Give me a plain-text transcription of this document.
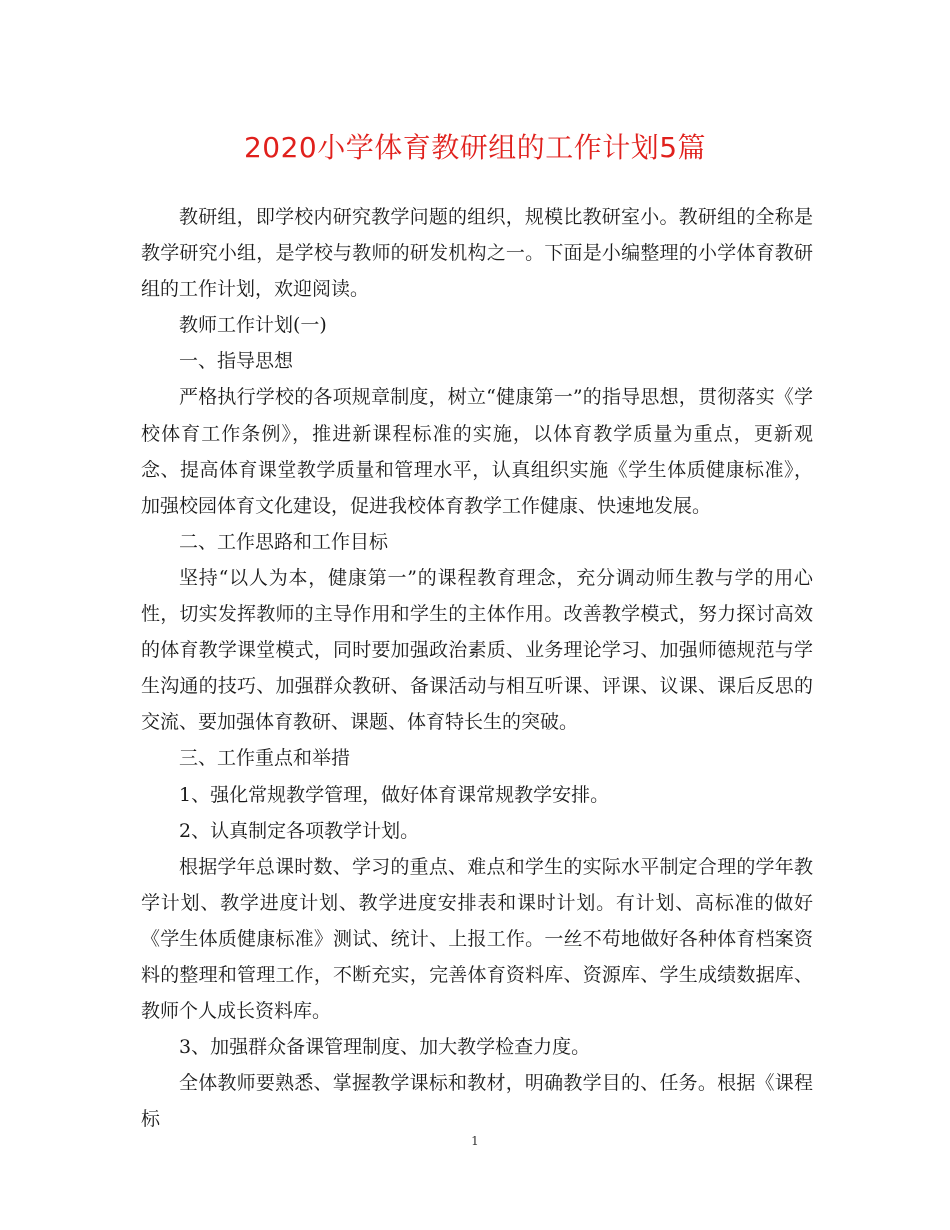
2020小学体育教研组的工作计划5篇

教研组，即学校内研究教学问题的组织，规模比教研室小。教研组的全称是教学研究小组，是学校与教师的研发机构之一。下面是小编整理的小学体育教研组的工作计划，欢迎阅读。

教师工作计划(一)

一、指导思想

严格执行学校的各项规章制度，树立“健康第一”的指导思想，贯彻落实《学校体育工作条例》，推进新课程标准的实施，以体育教学质量为重点，更新观念、提高体育课堂教学质量和管理水平，认真组织实施《学生体质健康标准》，加强校园体育文化建设，促进我校体育教学工作健康、快速地发展。

二、工作思路和工作目标

坚持“以人为本，健康第一”的课程教育理念，充分调动师生教与学的用心性，切实发挥教师的主导作用和学生的主体作用。改善教学模式，努力探讨高效的体育教学课堂模式，同时要加强政治素质、业务理论学习、加强师德规范与学生沟通的技巧、加强群众教研、备课活动与相互听课、评课、议课、课后反思的交流、要加强体育教研、课题、体育特长生的突破。

三、工作重点和举措

1、强化常规教学管理，做好体育课常规教学安排。

2、认真制定各项教学计划。

根据学年总课时数、学习的重点、难点和学生的实际水平制定合理的学年教学计划、教学进度计划、教学进度安排表和课时计划。有计划、高标准的做好《学生体质健康标准》测试、统计、上报工作。一丝不苟地做好各种体育档案资料的整理和管理工作，不断充实，完善体育资料库、资源库、学生成绩数据库、教师个人成长资料库。

3、加强群众备课管理制度、加大教学检查力度。

全体教师要熟悉、掌握教学课标和教材，明确教学目的、任务。根据《课程标

1
